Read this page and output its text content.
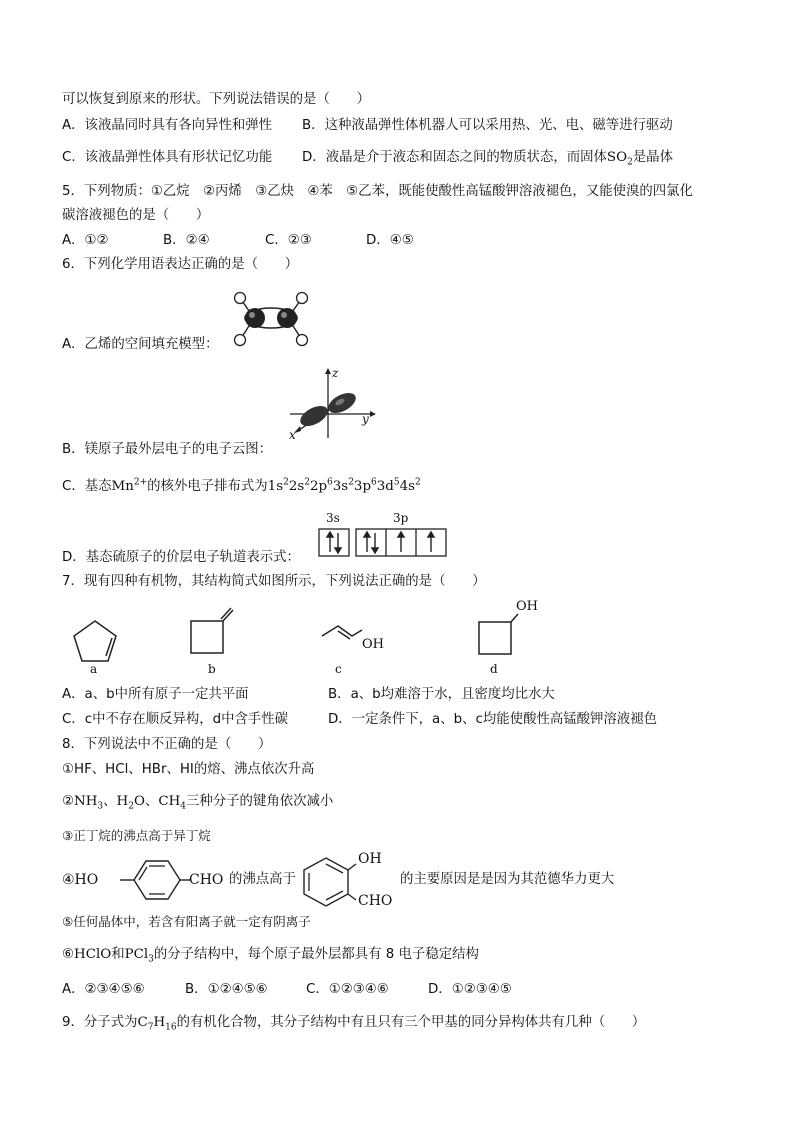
可以恢复到原来的形状。下列说法错误的是（　　）
A．该液晶同时具有各向异性和弹性 B．这种液晶弹性体机器人可以采用热、光、电、磁等进行驱动
C．该液晶弹性体具有形状记忆功能 D．液晶是介于液态和固态之间的物质状态，而固体$SO_2$是晶体
5．下列物质：①乙烷　②丙烯　③乙炔　④苯　⑤乙苯，既能使酸性高锰酸钾溶液褪色，又能使溴的四氯化
碳溶液褪色的是（　　）
A．①②	B．②④	C．②③	D．④⑤
6．下列化学用语表达正确的是（　　）
A．乙烯的空间填充模型：
z
y
x
B．镁原子最外层电子的电子云图：
C．基态$Mn^{2+}$的核外电子排布式为$1s^22s^22p^63s^23p^63d^54s^2$
3s	3p
D．基态硫原子的价层电子轨道表示式：
7．现有四种有机物，其结构简式如图所示，下列说法正确的是（　　）
a	b
OH
c
OH
d
A．a、b中所有原子一定共平面	B．a、b均难溶于水，且密度均比水大
C．c中不存在顺反异构，d中含手性碳	D．一定条件下，a、b、c均能使酸性高锰酸钾溶液褪色
8．下列说法中不正确的是（　　）
①HF、HCl、HBr、HI的熔、沸点依次升高
$②NH_3$、$H_2O$、$CH_4$三种分子的键角依次减小
③正丁烷的沸点高于异丁烷
④HO	CHO 的沸点高于
OH
CHO
的主要原因是是因为其范德华力更大
⑤任何晶体中，若含有阳离子就一定有阴离子
⑥HClO和PCl$_3$的分子结构中，每个原子最外层都具有 8 电子稳定结构
A．②③④⑤⑥	B．①②④⑤⑥	C．①②③④⑥	D．①②③④⑤
9．分子式为$C_7H_{16}$的有机化合物，其分子结构中有且只有三个甲基的同分异构体共有几种（　　）
